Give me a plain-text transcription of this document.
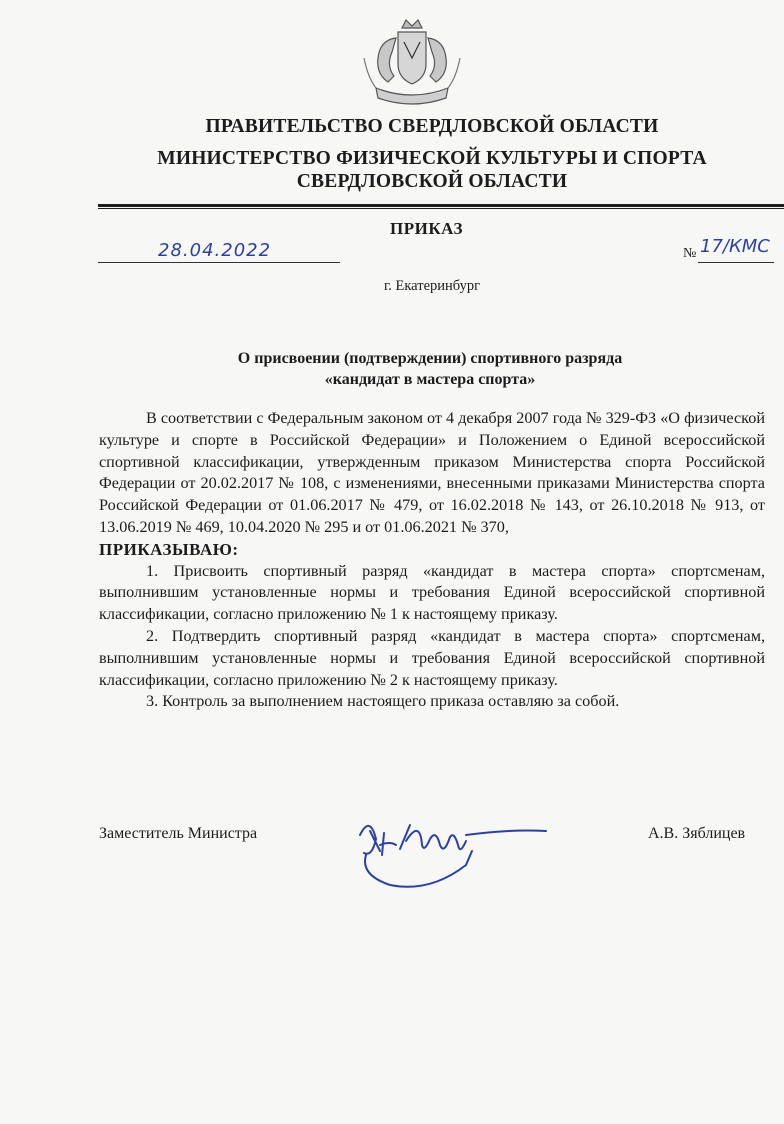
ПРАВИТЕЛЬСТВО СВЕРДЛОВСКОЙ ОБЛАСТИ
МИНИСТЕРСТВО ФИЗИЧЕСКОЙ КУЛЬТУРЫ И СПОРТА
СВЕРДЛОВСКОЙ ОБЛАСТИ
ПРИКАЗ
28.04.2022	№ 17/КМС
г. Екатеринбург
О присвоении (подтверждении) спортивного разряда
«кандидат в мастера спорта»

В соответствии с Федеральным законом от 4 декабря 2007 года № 329-ФЗ «О физической культуре и спорте в Российской Федерации» и Положением о Единой всероссийской спортивной классификации, утвержденным приказом Министерства спорта Российской Федерации от 20.02.2017 № 108, с изменениями, внесенными приказами Министерства спорта Российской Федерации от 01.06.2017 № 479, от 16.02.2018 № 143, от 26.10.2018 № 913, от 13.06.2019 № 469, 10.04.2020 № 295 и от 01.06.2021 № 370,

ПРИКАЗЫВАЮ:

1. Присвоить спортивный разряд «кандидат в мастера спорта» спортсменам, выполнившим установленные нормы и требования Единой всероссийской спортивной классификации, согласно приложению № 1 к настоящему приказу.

2. Подтвердить спортивный разряд «кандидат в мастера спорта» спортсменам, выполнившим установленные нормы и требования Единой всероссийской спортивной классификации, согласно приложению № 2 к настоящему приказу.

3. Контроль за выполнением настоящего приказа оставляю за собой.

Заместитель Министра	А.В. Зяблицев
